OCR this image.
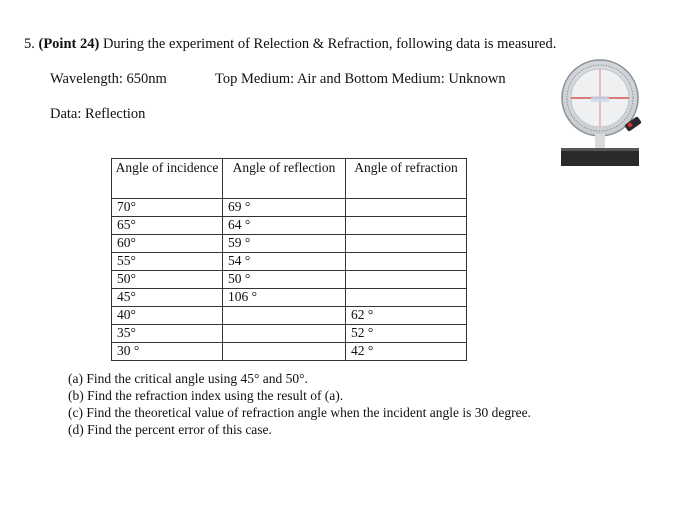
5. (Point 24) During the experiment of Relection & Refraction, following data is measured.
Wavelength: 650nm	Top Medium: Air and Bottom Medium: Unknown
Data: Reflection
Angle of incidence	Angle of reflection	Angle of refraction
70°	69 °	
65°	64 °	
60°	59 °	
55°	54 °	
50°	50 °	
45°	106 °	
40°		62 °
35°		52 °
30 °		42 °
(a) Find the critical angle using 45° and 50°.
(b) Find the refraction index using the result of (a).
(c) Find the theoretical value of refraction angle when the incident angle is 30 degree.
(d) Find the percent error of this case.
